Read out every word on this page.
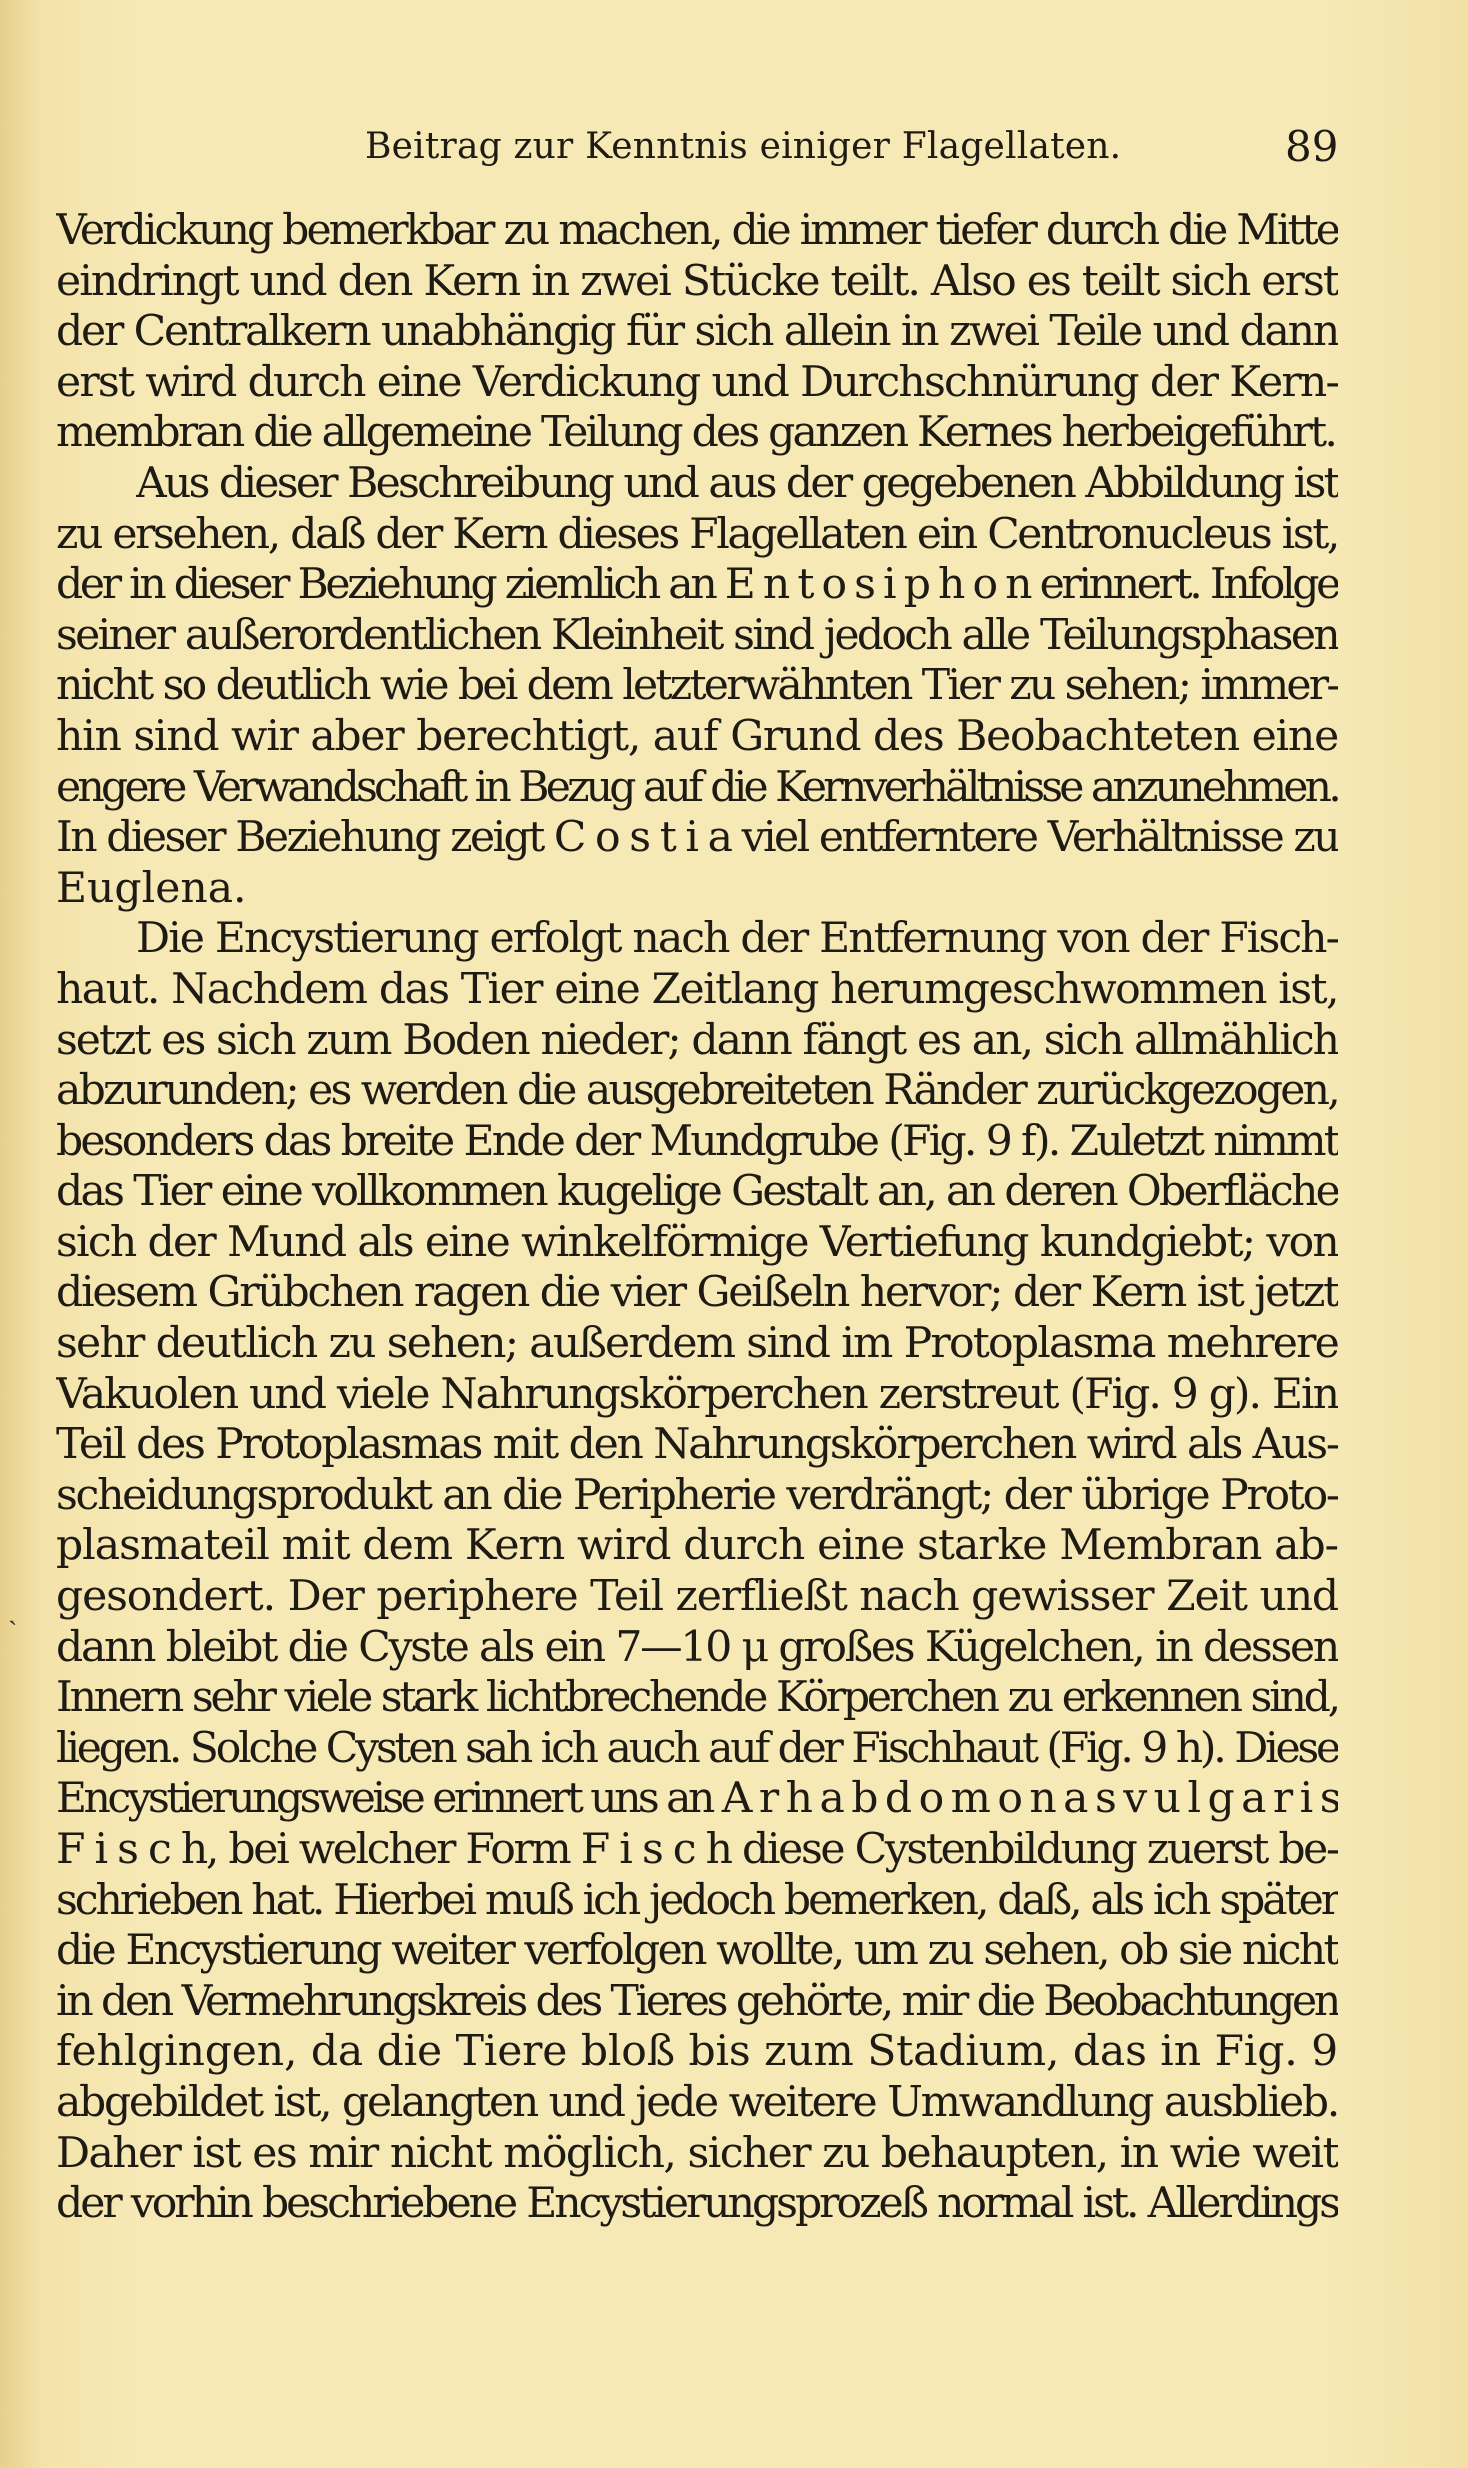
Beitrag zur Kenntnis einiger Flagellaten.	89
ˎ
Verdickung bemerkbar zu machen, die immer tiefer durch die Mitte
eindringt und den Kern in zwei Stücke teilt. Also es teilt sich erst
der Centralkern unabhängig für sich allein in zwei Teile und dann
erst wird durch eine Verdickung und Durchschnürung der Kern-
membran die allgemeine Teilung des ganzen Kernes herbeigeführt.
Aus dieser Beschreibung und aus der gegebenen Abbildung ist
zu ersehen, daß der Kern dieses Flagellaten ein Centronucleus ist,
der in dieser Beziehung ziemlich an E n t o s i p h o n erinnert. Infolge
seiner außerordentlichen Kleinheit sind jedoch alle Teilungsphasen
nicht so deutlich wie bei dem letzterwähnten Tier zu sehen; immer-
hin sind wir aber berechtigt, auf Grund des Beobachteten eine
engere Verwandschaft in Bezug auf die Kernverhältnisse anzunehmen.
In dieser Beziehung zeigt C o s t i a viel entferntere Verhältnisse zu
Euglena.
Die Encystierung erfolgt nach der Entfernung von der Fisch-
haut. Nachdem das Tier eine Zeitlang herumgeschwommen ist,
setzt es sich zum Boden nieder; dann fängt es an, sich allmählich
abzurunden; es werden die ausgebreiteten Ränder zurückgezogen,
besonders das breite Ende der Mundgrube (Fig. 9 f). Zuletzt nimmt
das Tier eine vollkommen kugelige Gestalt an, an deren Oberfläche
sich der Mund als eine winkelförmige Vertiefung kundgiebt; von
diesem Grübchen ragen die vier Geißeln hervor; der Kern ist jetzt
sehr deutlich zu sehen; außerdem sind im Protoplasma mehrere
Vakuolen und viele Nahrungskörperchen zerstreut (Fig. 9 g). Ein
Teil des Protoplasmas mit den Nahrungskörperchen wird als Aus-
scheidungsprodukt an die Peripherie verdrängt; der übrige Proto-
plasmateil mit dem Kern wird durch eine starke Membran ab-
gesondert. Der periphere Teil zerfließt nach gewisser Zeit und
dann bleibt die Cyste als ein 7—10 μ großes Kügelchen, in dessen
Innern sehr viele stark lichtbrechende Körperchen zu erkennen sind,
liegen. Solche Cysten sah ich auch auf der Fischhaut (Fig. 9 h). Diese
Encystierungsweise erinnert uns an A r h a b d o m o n a s v u l g a r i s
F i s c h, bei welcher Form F i s c h diese Cystenbildung zuerst be-
schrieben hat. Hierbei muß ich jedoch bemerken, daß, als ich später
die Encystierung weiter verfolgen wollte, um zu sehen, ob sie nicht
in den Vermehrungskreis des Tieres gehörte, mir die Beobachtungen
fehlgingen, da die Tiere bloß bis zum Stadium, das in Fig. 9
abgebildet ist, gelangten und jede weitere Umwandlung ausblieb.
Daher ist es mir nicht möglich, sicher zu behaupten, in wie weit
der vorhin beschriebene Encystierungsprozeß normal ist. Allerdings
